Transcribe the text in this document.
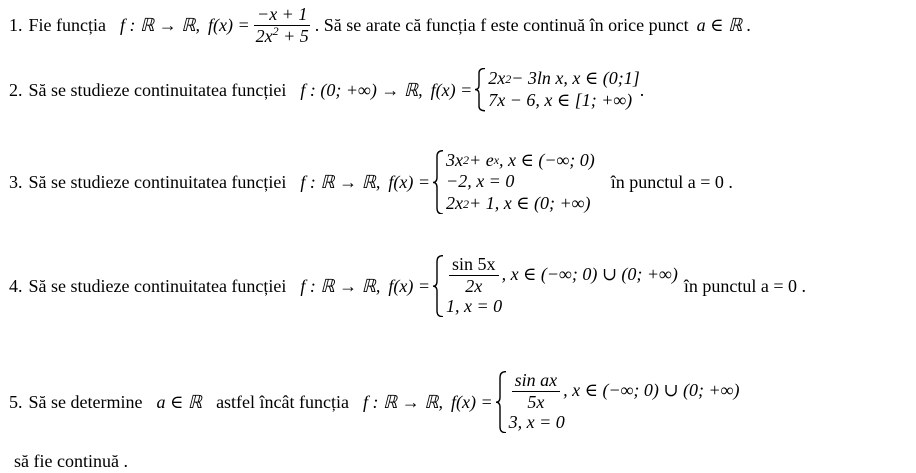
1. Fie funcția f : ℝ → ℝ, $f(x) = \frac{-x + 1}{2x^2 + 5}$ . Să se arate că funcția f este continuă în orice punct a ∈ ℝ .
2. Să se studieze continuitatea funcției f : (0; +∞) → ℝ, f(x) =
2x 2 − 3ln x, x ∈ (0;1]
7x − 6, x ∈ [1; +∞)
.
3. Să se studieze continuitatea funcției f : ℝ → ℝ, f(x) =
3x 2 + e x , x ∈ (−∞; 0)
−2, x = 0
2x 2 + 1, x ∈ (0; +∞)
în punctul a = 0 .
4. Să se studieze continuitatea funcției f : ℝ → ℝ, $f(x) = \frac{\sin 5x}{2x}$ , x ∈ (−∞; 0) ∪ (0; +∞)
1, x = 0
în punctul a = 0 .
5. Să se determine a ∈ ℝ astfel încât funcția f : ℝ → ℝ, $f(x) = \frac{\text{sin ax}}{5x}$ , x ∈ (−∞; 0) ∪ (0; +∞)
3, x = 0
să fie continuă .
